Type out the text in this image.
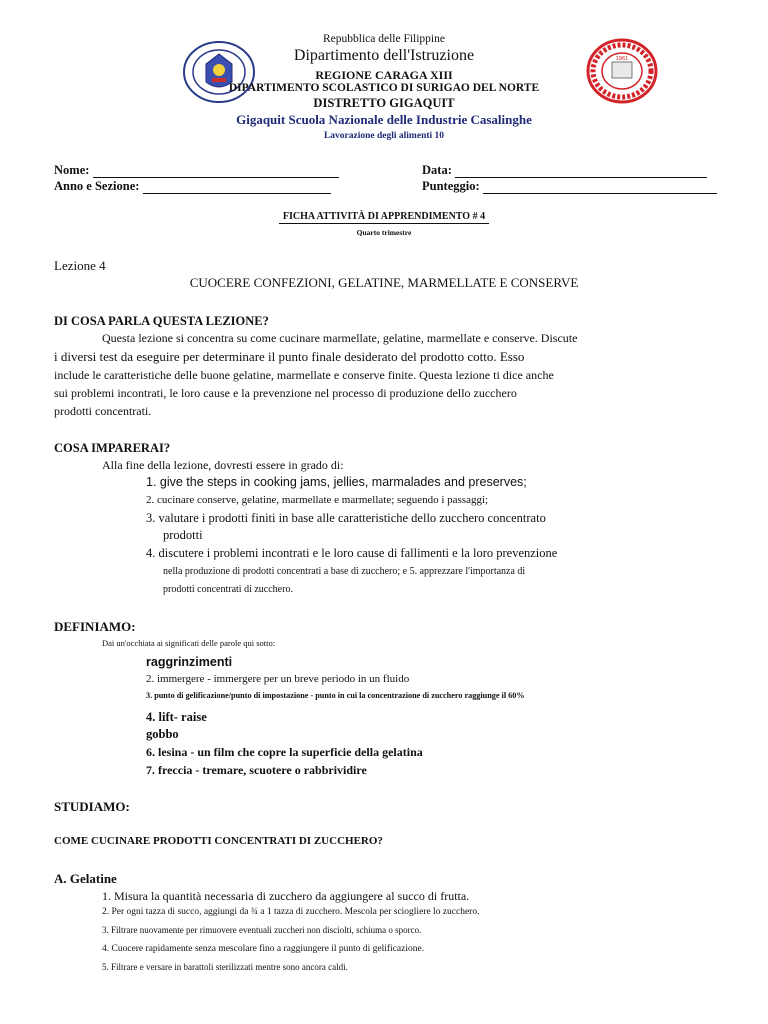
1961
Repubblica delle Filippine
Dipartimento dell'Istruzione
REGIONE CARAGA XIII
DIPARTIMENTO SCOLASTICO DI SURIGAO DEL NORTE
DISTRETTO GIGAQUIT
Gigaquit Scuola Nazionale delle Industrie Casalinghe
Lavorazione degli alimenti 10
Nome:	Data:
Anno e Sezione:	Punteggio:
FICHA ATTIVITÀ DI APPRENDIMENTO # 4
Quarto trimestre
Lezione 4
CUOCERE CONFEZIONI, GELATINE, MARMELLATE E CONSERVE
DI COSA PARLA QUESTA LEZIONE?
Questa lezione si concentra su come cucinare marmellate, gelatine, marmellate e conserve. Discute
i diversi test da eseguire per determinare il punto finale desiderato del prodotto cotto. Esso
include le caratteristiche delle buone gelatine, marmellate e conserve finite. Questa lezione ti dice anche
sui problemi incontrati, le loro cause e la prevenzione nel processo di produzione dello zucchero
prodotti concentrati.
COSA IMPARERAI?
Alla fine della lezione, dovresti essere in grado di:
1. give the steps in cooking jams, jellies, marmalades and preserves;
2. cucinare conserve, gelatine, marmellate e marmellate; seguendo i passaggi;
3. valutare i prodotti finiti in base alle caratteristiche dello zucchero concentrato
prodotti
4. discutere i problemi incontrati e le loro cause di fallimenti e la loro prevenzione
nella produzione di prodotti concentrati a base di zucchero; e 5. apprezzare l'importanza di
prodotti concentrati di zucchero.
DEFINIAMO:
Dai un'occhiata ai significati delle parole qui sotto:
raggrinzimenti
2. immergere - immergere per un breve periodo in un fluido
3. punto di gelificazione/punto di impostazione - punto in cui la concentrazione di zucchero raggiunge il 60%
4. lift- raise
gobbo
6. lesina - un film che copre la superficie della gelatina
7. freccia - tremare, scuotere o rabbrividire
STUDIAMO:
COME CUCINARE PRODOTTI CONCENTRATI DI ZUCCHERO?
A. Gelatine
1. Misura la quantità necessaria di zucchero da aggiungere al succo di frutta.
2. Per ogni tazza di succo, aggiungi da ¾ a 1 tazza di zucchero. Mescola per sciogliere lo zucchero.
3. Filtrare nuovamente per rimuovere eventuali zuccheri non disciolti, schiuma o sporco.
4. Cuocere rapidamente senza mescolare fino a raggiungere il punto di gelificazione.
5. Filtrare e versare in barattoli sterilizzati mentre sono ancora caldi.
